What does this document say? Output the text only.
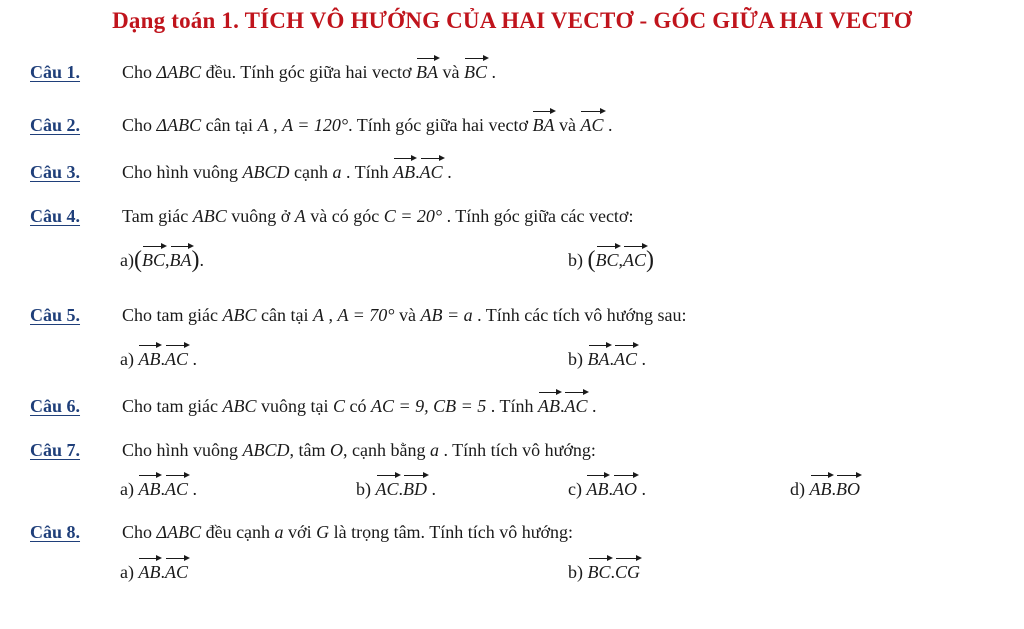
Dạng toán 1. TÍCH VÔ HƯỚNG CỦA HAI VECTƠ - GÓC GIỮA HAI VECTƠ
Câu 1. Cho ΔABC đều. Tính góc giữa hai vectơ BA và BC .
Câu 2. Cho ΔABC cân tại A , A = 120°. Tính góc giữa hai vectơ BA và AC .
Câu 3. Cho hình vuông ABCD cạnh a . Tính AB.AC .
Câu 4. Tam giác ABC vuông ở A và có góc C = 20° . Tính góc giữa các vectơ:
a)(BC,BA).	b) (BC,AC)
Câu 5. Cho tam giác ABC cân tại A , A = 70° và AB = a . Tính các tích vô hướng sau:
a) AB.AC .	b) BA.AC .
Câu 6. Cho tam giác ABC vuông tại C có AC = 9, CB = 5 . Tính AB.AC .
Câu 7. Cho hình vuông ABCD, tâm O, cạnh bằng a . Tính tích vô hướng:
a) AB.AC .	b) AC.BD .	c) AB.AO .	d) AB.BO
Câu 8. Cho ΔABC đều cạnh a với G là trọng tâm. Tính tích vô hướng:
a) AB.AC	b) BC.CG
